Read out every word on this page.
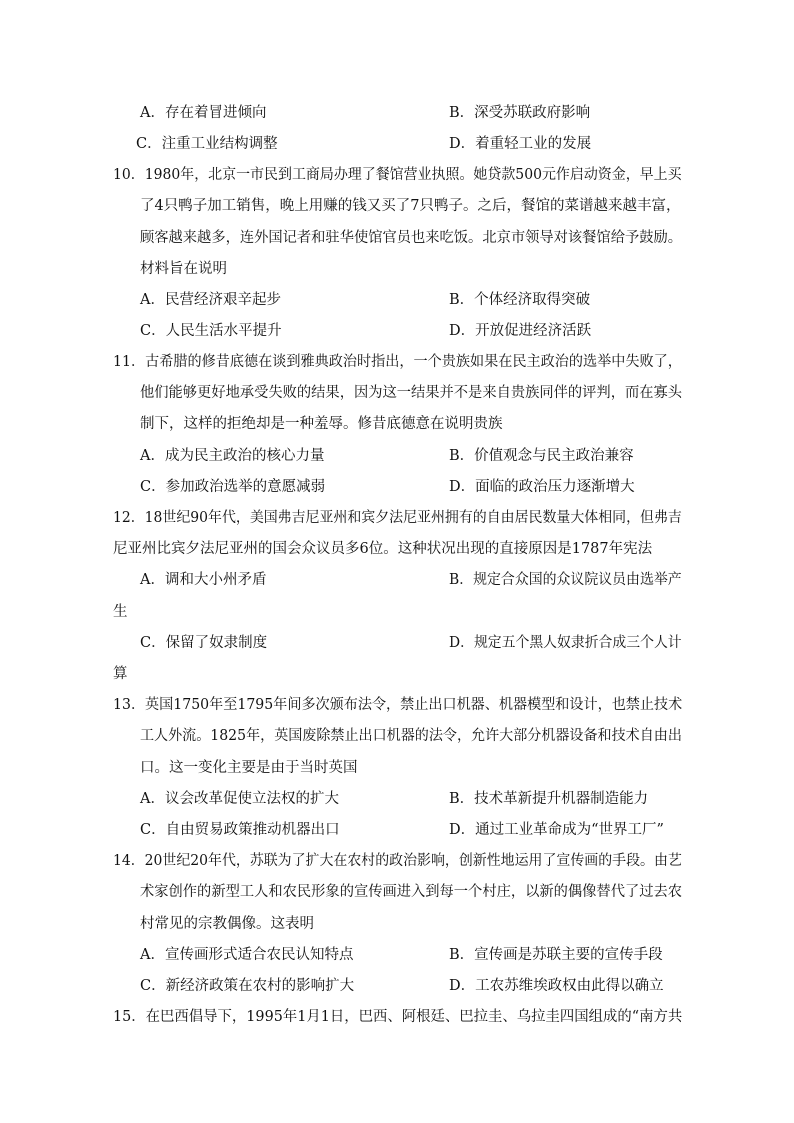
A．存在着冒进倾向	B．深受苏联政府影响
C．注重工业结构调整	D．着重轻工业的发展
10．1980年，北京一市民到工商局办理了餐馆营业执照。她贷款500元作启动资金，早上买
了4只鸭子加工销售，晚上用赚的钱又买了7只鸭子。之后，餐馆的菜谱越来越丰富，
顾客越来越多，连外国记者和驻华使馆官员也来吃饭。北京市领导对该餐馆给予鼓励。
材料旨在说明
A．民营经济艰辛起步	B．个体经济取得突破
C．人民生活水平提升	D．开放促进经济活跃
11．古希腊的修昔底德在谈到雅典政治时指出，一个贵族如果在民主政治的选举中失败了，
他们能够更好地承受失败的结果，因为这一结果并不是来自贵族同伴的评判，而在寡头
制下，这样的拒绝却是一种羞辱。修昔底德意在说明贵族
A．成为民主政治的核心力量	B．价值观念与民主政治兼容
C．参加政治选举的意愿减弱	D．面临的政治压力逐渐增大
12．18世纪90年代，美国弗吉尼亚州和宾夕法尼亚州拥有的自由居民数量大体相同，但弗吉
尼亚州比宾夕法尼亚州的国会众议员多6位。这种状况出现的直接原因是1787年宪法
A．调和大小州矛盾	B．规定合众国的众议院议员由选举产
生
C．保留了奴隶制度	D．规定五个黑人奴隶折合成三个人计
算
13．英国1750年至1795年间多次颁布法令，禁止出口机器、机器模型和设计，也禁止技术
工人外流。1825年，英国废除禁止出口机器的法令，允许大部分机器设备和技术自由出
口。这一变化主要是由于当时英国
A．议会改革促使立法权的扩大	B．技术革新提升机器制造能力
C．自由贸易政策推动机器出口	D．通过工业革命成为“世界工厂”
14．20世纪20年代，苏联为了扩大在农村的政治影响，创新性地运用了宣传画的手段。由艺
术家创作的新型工人和农民形象的宣传画进入到每一个村庄，以新的偶像替代了过去农
村常见的宗教偶像。这表明
A．宣传画形式适合农民认知特点	B．宣传画是苏联主要的宣传手段
C．新经济政策在农村的影响扩大	D．工农苏维埃政权由此得以确立
15．在巴西倡导下，1995年1月1日，巴西、阿根廷、巴拉圭、乌拉圭四国组成的“南方共
